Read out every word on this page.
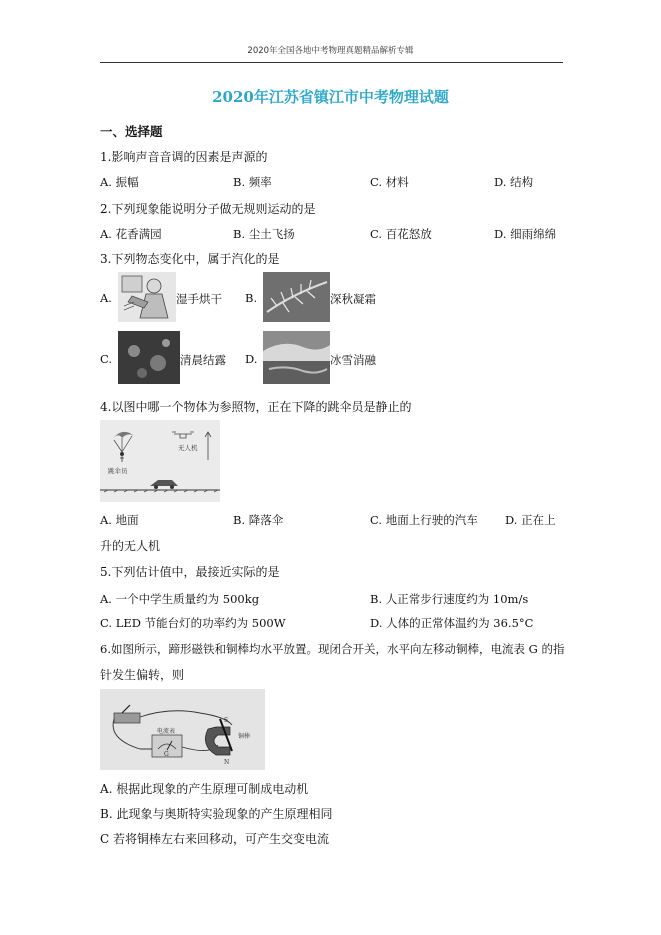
2020年全国各地中考物理真题精品解析专辑
2020年江苏省镇江市中考物理试题
一、选择题
1.影响声音音调的因素是声源的
A. 振幅	B. 频率	C. 材料	D. 结构
2.下列现象能说明分子做无规则运动的是
A. 花香满园	B. 尘土飞扬	C. 百花怒放	D. 细雨绵绵
3.下列物态变化中，属于汽化的是
A.	湿手烘干 B.	深秋凝霜
C.	清晨结露 D.	冰雪消融
4.以图中哪一个物体为参照物，正在下降的跳伞员是静止的
跳伞员
无人机
A. 地面	B. 降落伞	C. 地面上行驶的汽车 D. 正在上
升的无人机
5.下列估计值中，最接近实际的是
A. 一个中学生质量约为 500kg	B. 人正常步行速度约为 10m/s
C. LED 节能台灯的功率约为 500W	D. 人体的正常体温约为 36.5°C
6.如图所示，蹄形磁铁和铜棒均水平放置。现闭合开关，水平向左移动铜棒，电流表 G 的指
针发生偏转，则
电流表
G
铜棒
S
N
A. 根据此现象的产生原理可制成电动机
B. 此现象与奥斯特实验现象的产生原理相同
C 若将铜棒左右来回移动，可产生交变电流
